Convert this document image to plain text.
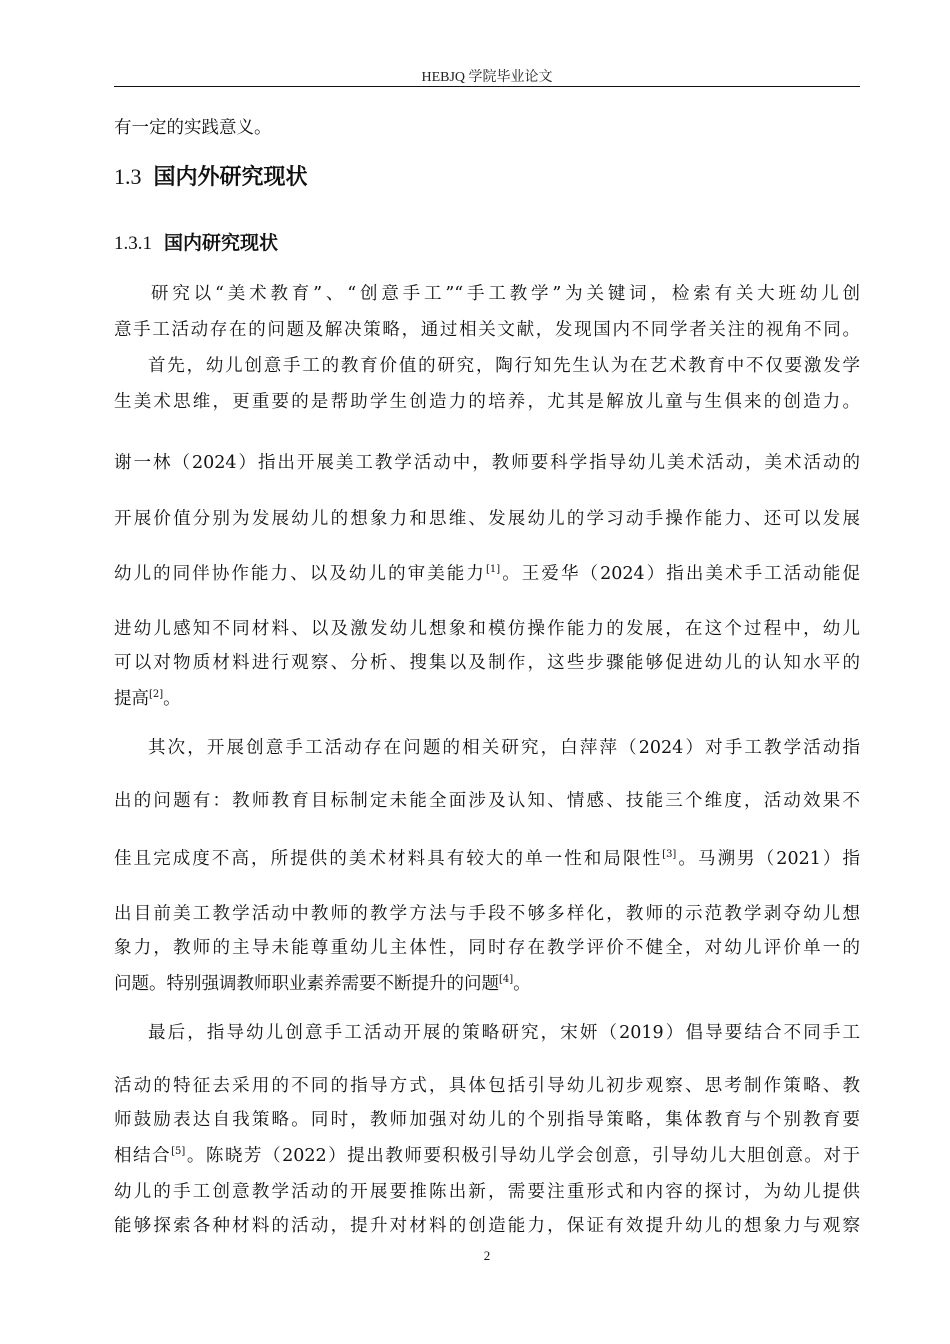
HEBJQ 学院毕业论文
有一定的实践意义。
1.3 国内外研究现状
1.3.1 国内研究现状
研究以“美术教育”、“创意手工”“手工教学”为关键词，检索有关大班幼儿创
意手工活动存在的问题及解决策略，通过相关文献，发现国内不同学者关注的视角不同。
首先，幼儿创意手工的教育价值的研究，陶行知先生认为在艺术教育中不仅要激发学
生美术思维，更重要的是帮助学生创造力的培养，尤其是解放儿童与生俱来的创造力。
谢一林（2024）指出开展美工教学活动中，教师要科学指导幼儿美术活动，美术活动的
开展价值分别为发展幼儿的想象力和思维、发展幼儿的学习动手操作能力、还可以发展
幼儿的同伴协作能力、以及幼儿的审美能力[1]。王爱华（2024）指出美术手工活动能促
进幼儿感知不同材料、以及激发幼儿想象和模仿操作能力的发展，在这个过程中，幼儿
可以对物质材料进行观察、分析、搜集以及制作，这些步骤能够促进幼儿的认知水平的
提高[2]。
其次，开展创意手工活动存在问题的相关研究，白萍萍（2024）对手工教学活动指
出的问题有：教师教育目标制定未能全面涉及认知、情感、技能三个维度，活动效果不
佳且完成度不高，所提供的美术材料具有较大的单一性和局限性[3]。马溯男（2021）指
出目前美工教学活动中教师的教学方法与手段不够多样化，教师的示范教学剥夺幼儿想
象力，教师的主导未能尊重幼儿主体性，同时存在教学评价不健全，对幼儿评价单一的
问题。特别强调教师职业素养需要不断提升的问题[4]。
最后，指导幼儿创意手工活动开展的策略研究，宋妍（2019）倡导要结合不同手工
活动的特征去采用的不同的指导方式，具体包括引导幼儿初步观察、思考制作策略、教
师鼓励表达自我策略。同时，教师加强对幼儿的个别指导策略，集体教育与个别教育要
相结合[5]。陈晓芳（2022）提出教师要积极引导幼儿学会创意，引导幼儿大胆创意。对于
幼儿的手工创意教学活动的开展要推陈出新，需要注重形式和内容的探讨，为幼儿提供
能够探索各种材料的活动，提升对材料的创造能力，保证有效提升幼儿的想象力与观察
2
